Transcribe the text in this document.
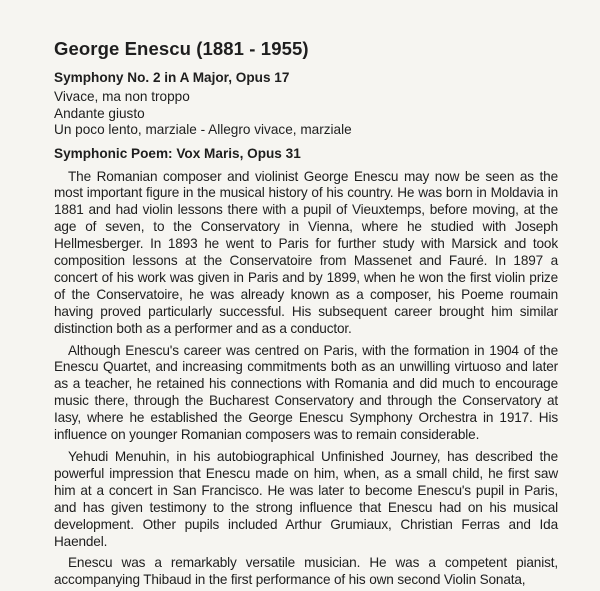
George Enescu (1881 - 1955)
Symphony No. 2 in A Major, Opus 17
Vivace, ma non troppo
Andante giusto
Un poco lento, marziale - Allegro vivace, marziale
Symphonic Poem: Vox Maris, Opus 31

The Romanian composer and violinist George Enescu may now be seen as the most important figure in the musical history of his country. He was born in Moldavia in 1881 and had violin lessons there with a pupil of Vieuxtemps, before moving, at the age of seven, to the Conservatory in Vienna, where he studied with Joseph Hellmesberger. In 1893 he went to Paris for further study with Marsick and took composition lessons at the Conservatoire from Massenet and Fauré. In 1897 a concert of his work was given in Paris and by 1899, when he won the first violin prize of the Conservatoire, he was already known as a composer, his Poeme roumain having proved particularly successful. His subsequent career brought him similar distinction both as a performer and as a conductor.

Although Enescu's career was centred on Paris, with the formation in 1904 of the Enescu Quartet, and increasing commitments both as an unwilling virtuoso and later as a teacher, he retained his connections with Romania and did much to encourage music there, through the Bucharest Conservatory and through the Conservatory at Iasy, where he established the George Enescu Symphony Orchestra in 1917. His influence on younger Romanian composers was to remain considerable.

Yehudi Menuhin, in his autobiographical Unfinished Journey, has described the powerful impression that Enescu made on him, when, as a small child, he first saw him at a concert in San Francisco. He was later to become Enescu's pupil in Paris, and has given testimony to the strong influence that Enescu had on his musical development. Other pupils included Arthur Grumiaux, Christian Ferras and Ida Haendel.

Enescu was a remarkably versatile musician. He was a competent pianist, accompanying Thibaud in the first performance of his own second Violin Sonata,
